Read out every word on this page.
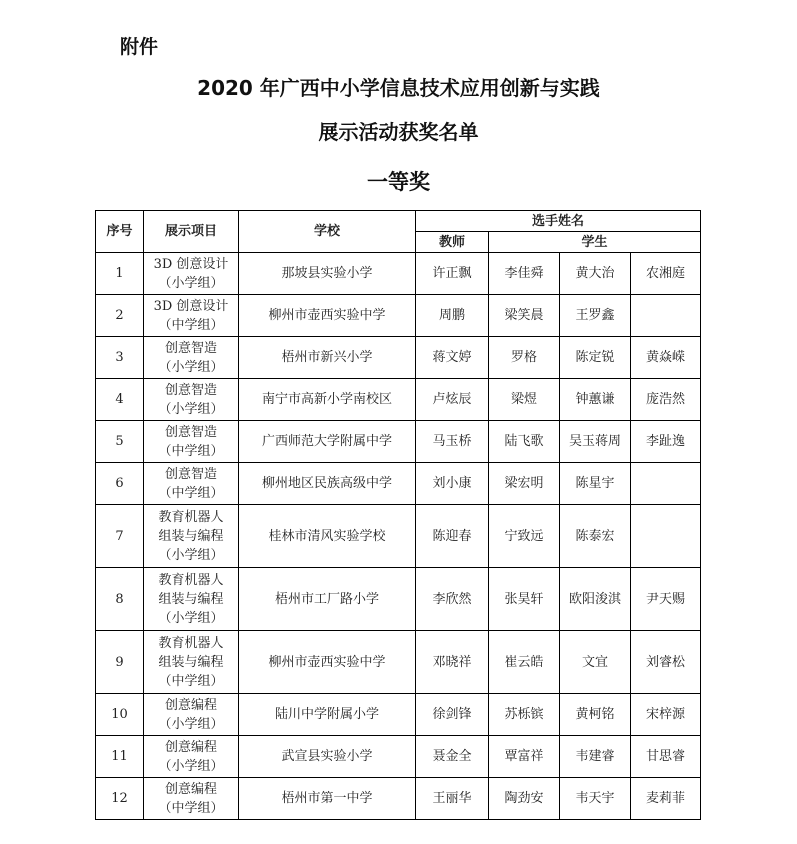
附件
2020 年广西中小学信息技术应用创新与实践
展示活动获奖名单
一等奖
序号	展示项目	学校	选手姓名			
			教师	学生		
1	3D 创意设计
（小学组）	那坡县实验小学	许正飘	李佳舜	黄大治	农湘庭
2	3D 创意设计
（中学组）	柳州市壶西实验中学	周鹏	梁笑晨	王罗鑫	
3	创意智造
（小学组）	梧州市新兴小学	蒋文婷	罗格	陈定锐	黄焱嵘
4	创意智造
（小学组）	南宁市高新小学南校区	卢炫辰	梁煜	钟蕙谦	庞浩然
5	创意智造
（中学组）	广西师范大学附属中学	马玉桥	陆飞歌	吴玉蒋周	李趾逸
6	创意智造
（中学组）	柳州地区民族高级中学	刘小康	梁宏明	陈星宇	
7	教育机器人
组装与编程
（小学组）	桂林市清风实验学校	陈迎春	宁致远	陈泰宏	
8	教育机器人
组装与编程
（小学组）	梧州市工厂路小学	李欣然	张昊轩	欧阳浚淇	尹天赐
9	教育机器人
组装与编程
（中学组）	柳州市壶西实验中学	邓晓祥	崔云皓	文宜	刘睿松
10	创意编程
（小学组）	陆川中学附属小学	徐剑锋	苏栎镔	黄柯铭	宋梓源
11	创意编程
（小学组）	武宣县实验小学	聂金全	覃富祥	韦建睿	甘思睿
12	创意编程
（中学组）	梧州市第一中学	王丽华	陶劲安	韦天宇	麦莉菲
